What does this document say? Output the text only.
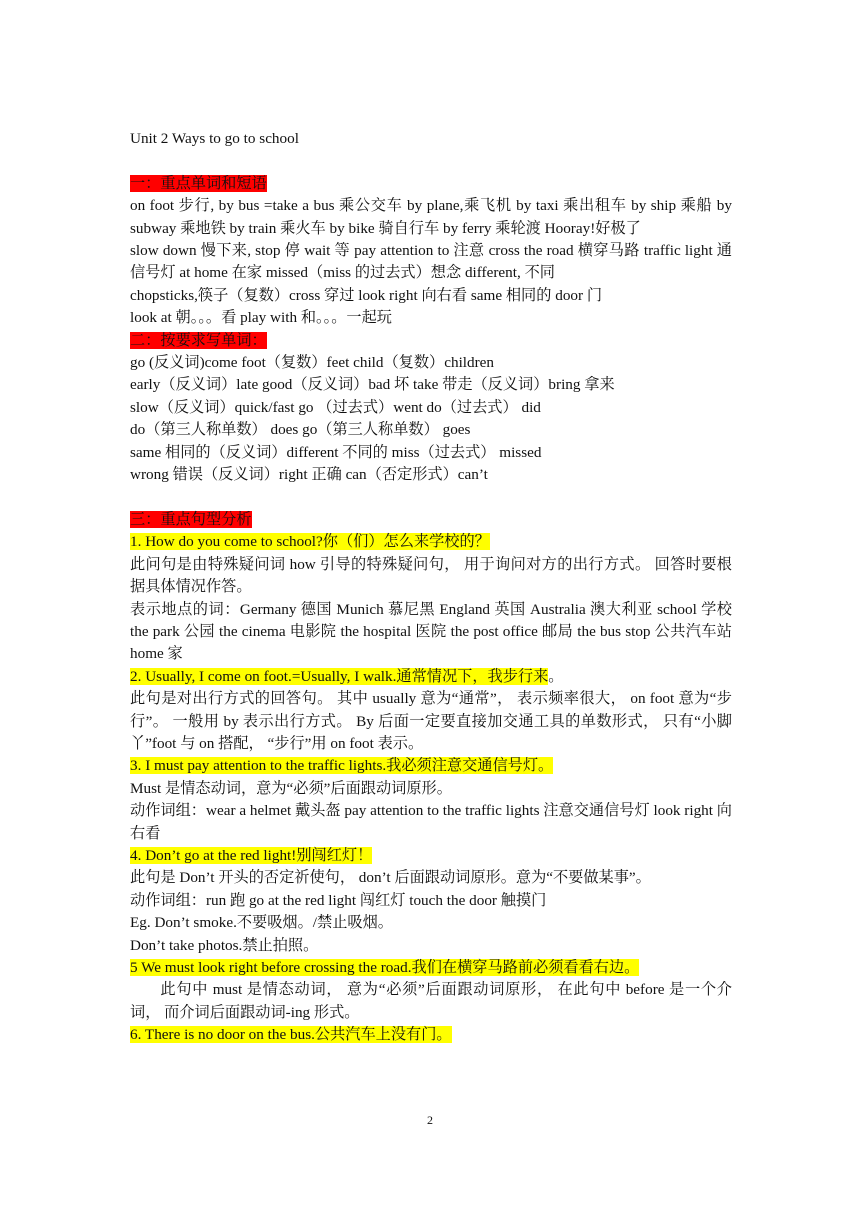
Unit 2 Ways to go to school

一：重点单词和短语

on foot 步行, by bus =take a bus 乘公交车 by plane,乘飞机 by taxi 乘出租车 by ship 乘船 by subway 乘地铁 by train 乘火车 by bike 骑自行车 by ferry 乘轮渡 Hooray!好极了

slow down 慢下来, stop 停 wait 等 pay attention to 注意 cross the road 横穿马路 traffic light 通信号灯 at home 在家 missed（miss 的过去式）想念 different, 不同

chopsticks,筷子（复数）cross 穿过 look right 向右看 same 相同的 door 门

look at 朝。。。看 play with 和。。。一起玩

二：按要求写单词：

go (反义词)come foot（复数）feet child（复数）children

early（反义词）late good（反义词）bad 坏 take 带走（反义词）bring 拿来

slow（反义词）quick/fast go （过去式）went do（过去式） did

do（第三人称单数） does go（第三人称单数） goes

same 相同的（反义词）different 不同的 miss（过去式） missed

wrong 错误（反义词）right 正确 can（否定形式）can’t

三：重点句型分析

1. How do you come to school?你（们）怎么来学校的？

此问句是由特殊疑问词 how 引导的特殊疑问句， 用于询问对方的出行方式。 回答时要根据具体情况作答。

表示地点的词：Germany 德国 Munich 慕尼黑 England 英国 Australia 澳大利亚 school 学校 the park 公园 the cinema 电影院 the hospital 医院 the post office 邮局 the bus stop 公共汽车站 home 家

2. Usually, I come on foot.=Usually, I walk.通常情况下，我步行来。

此句是对出行方式的回答句。 其中 usually 意为“通常”， 表示频率很大， on foot 意为“步行”。 一般用 by 表示出行方式。 By 后面一定要直接加交通工具的单数形式， 只有“小脚丫”foot 与 on 搭配， “步行”用 on foot 表示。

3. I must pay attention to the traffic lights.我必须注意交通信号灯。

Must 是情态动词，意为“必须”后面跟动词原形。

动作词组：wear a helmet 戴头盔 pay attention to the traffic lights 注意交通信号灯 look right 向右看

4. Don’t go at the red light!别闯红灯！

此句是 Don’t 开头的否定祈使句， don’t 后面跟动词原形。意为“不要做某事”。

动作词组：run 跑 go at the red light 闯红灯 touch the door 触摸门

Eg. Don’t smoke.不要吸烟。/禁止吸烟。

Don’t take photos.禁止拍照。

5 We must look right before crossing the road.我们在横穿马路前必须看看右边。

此句中 must 是情态动词， 意为“必须”后面跟动词原形， 在此句中 before 是一个介词， 而介词后面跟动词-ing 形式。

6. There is no door on the bus.公共汽车上没有门。

2
